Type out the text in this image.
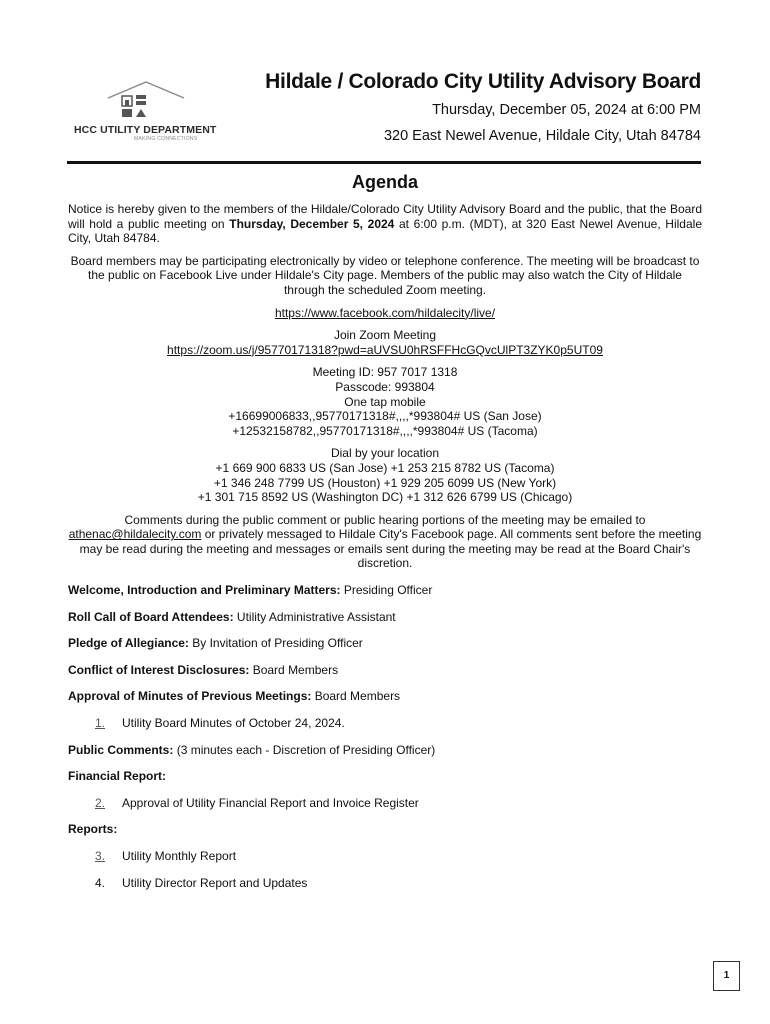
HCC UTILITY DEPARTMENT
MAKING CONNECTIONS
Hildale / Colorado City Utility Advisory Board
Thursday, December 05, 2024 at 6:00 PM
320 East Newel Avenue, Hildale City, Utah 84784
Agenda

Notice is hereby given to the members of the Hildale/Colorado City Utility Advisory Board and the public, that the Board will hold a public meeting on Thursday, December 5, 2024 at 6:00 p.m. (MDT), at 320 East Newel Avenue, Hildale City, Utah 84784.

Board members may be participating electronically by video or telephone conference. The meeting will be broadcast to the public on Facebook Live under Hildale's City page. Members of the public may also watch the City of Hildale through the scheduled Zoom meeting.

https://www.facebook.com/hildalecity/live/

Join Zoom Meeting

https://zoom.us/j/95770171318?pwd=aUVSU0hRSFFHcGQvcUlPT3ZYK0p5UT09

Meeting ID: 957 7017 1318

Passcode: 993804

One tap mobile

+16699006833,,95770171318#,,,,*993804# US (San Jose)

+12532158782,,95770171318#,,,,*993804# US (Tacoma)

Dial by your location

+1 669 900 6833 US (San Jose) +1 253 215 8782 US (Tacoma)

+1 346 248 7799 US (Houston) +1 929 205 6099 US (New York)

+1 301 715 8592 US (Washington DC) +1 312 626 6799 US (Chicago)

Comments during the public comment or public hearing portions of the meeting may be emailed to
athenac@hildalecity.com or privately messaged to Hildale City's Facebook page. All comments sent before the meeting may be read during the meeting and messages or emails sent during the meeting may be read at the Board Chair's discretion.

Welcome, Introduction and Preliminary Matters: Presiding Officer

Roll Call of Board Attendees: Utility Administrative Assistant

Pledge of Allegiance: By Invitation of Presiding Officer

Conflict of Interest Disclosures: Board Members

Approval of Minutes of Previous Meetings: Board Members

1. Utility Board Minutes of October 24, 2024.

Public Comments: (3 minutes each - Discretion of Presiding Officer)

Financial Report:

2. Approval of Utility Financial Report and Invoice Register

Reports:

3. Utility Monthly Report

4. Utility Director Report and Updates

1
